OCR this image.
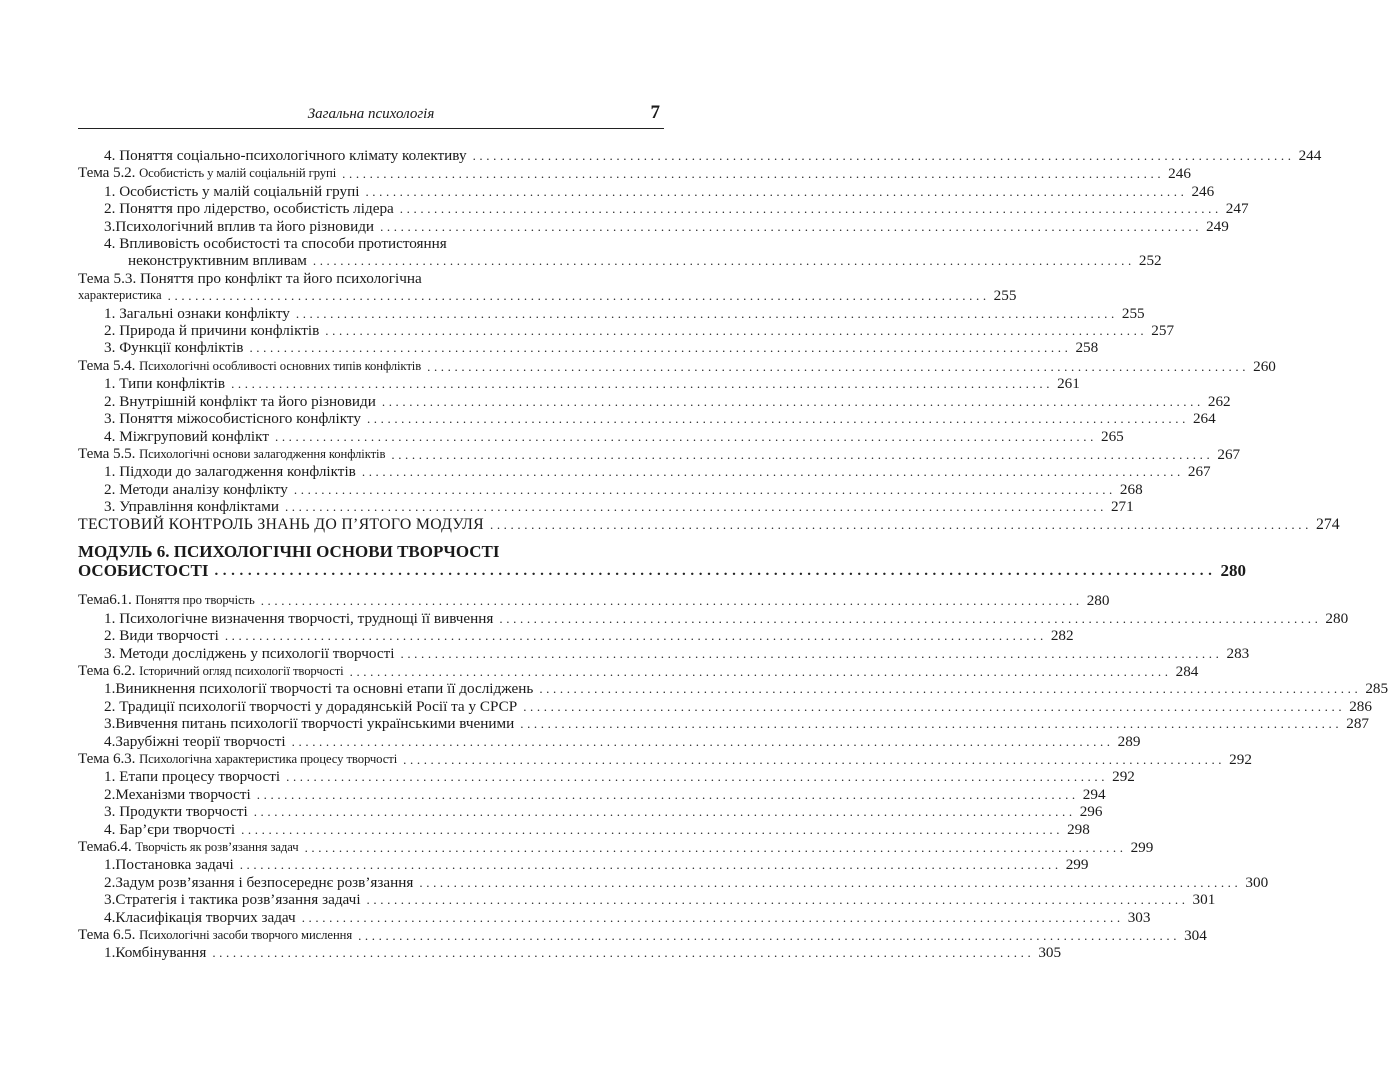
Загальна психологія	7
4. Поняття соціально-психологічного клімату колективу ........................................................................................................................ 244
Тема 5.2. Особистість у малій соціальній групі ........................................................................................................................ 246
1. Особистість у малій соціальній групі ........................................................................................................................ 246
2. Поняття про лідерство, особистість лідера ........................................................................................................................ 247
3.Психологічний вплив та його різновиди ........................................................................................................................ 249
4. Впливовість особистості та способи протистояння
неконструктивним впливам ........................................................................................................................ 252
Тема 5.3. Поняття про конфлікт та його психологічна
характеристика ........................................................................................................................ 255
1. Загальні ознаки конфлікту ........................................................................................................................ 255
2. Природа й причини конфліктів ........................................................................................................................ 257
3. Функції конфліктів ........................................................................................................................ 258
Тема 5.4. Психологічні особливості основних типів конфліктів ........................................................................................................................ 260
1. Типи конфліктів ........................................................................................................................ 261
2. Внутрішній конфлікт та його різновиди ........................................................................................................................ 262
3. Поняття міжособистісного конфлікту ........................................................................................................................ 264
4. Міжгруповий конфлікт ........................................................................................................................ 265
Тема 5.5. Психологічні основи залагодження конфліктів ........................................................................................................................ 267
1. Підходи до залагодження конфліктів ........................................................................................................................ 267
2. Методи аналізу конфлікту ........................................................................................................................ 268
3. Управління конфліктами ........................................................................................................................ 271
ТЕСТОВИЙ КОНТРОЛЬ ЗНАНЬ ДО П’ЯТОГО МОДУЛЯ ........................................................................................................................ 274
МОДУЛЬ 6. ПСИХОЛОГІЧНІ ОСНОВИ ТВОРЧОСТІ
ОСОБИСТОСТІ ........................................................................................................................ 280
Тема6.1. Поняття про творчість ........................................................................................................................ 280
1. Психологічне визначення творчості, труднощі її вивчення ........................................................................................................................ 280
2. Види творчості ........................................................................................................................ 282
3. Методи досліджень у психології творчості ........................................................................................................................ 283
Тема 6.2. Історичний огляд психології творчості ........................................................................................................................ 284
1.Виникнення психології творчості та основні етапи її досліджень ........................................................................................................................ 285
2. Традиції психології творчості у дорадянській Росії та у СРСР ........................................................................................................................ 286
3.Вивчення питань психології творчості українськими вченими ........................................................................................................................ 287
4.Зарубіжні теорії творчості ........................................................................................................................ 289
Тема 6.3. Психологічна характеристика процесу творчості ........................................................................................................................ 292
1. Етапи процесу творчості ........................................................................................................................ 292
2.Механізми творчості ........................................................................................................................ 294
3. Продукти творчості ........................................................................................................................ 296
4. Бар’єри творчості ........................................................................................................................ 298
Тема6.4. Творчість як розв’язання задач ........................................................................................................................ 299
1.Постановка задачі ........................................................................................................................ 299
2.Задум розв’язання і безпосереднє розв’язання ........................................................................................................................ 300
3.Стратегія і тактика розв’язання задачі ........................................................................................................................ 301
4.Класифікація творчих задач ........................................................................................................................ 303
Тема 6.5. Психологічні засоби творчого мислення ........................................................................................................................ 304
1.Комбінування ........................................................................................................................ 305
